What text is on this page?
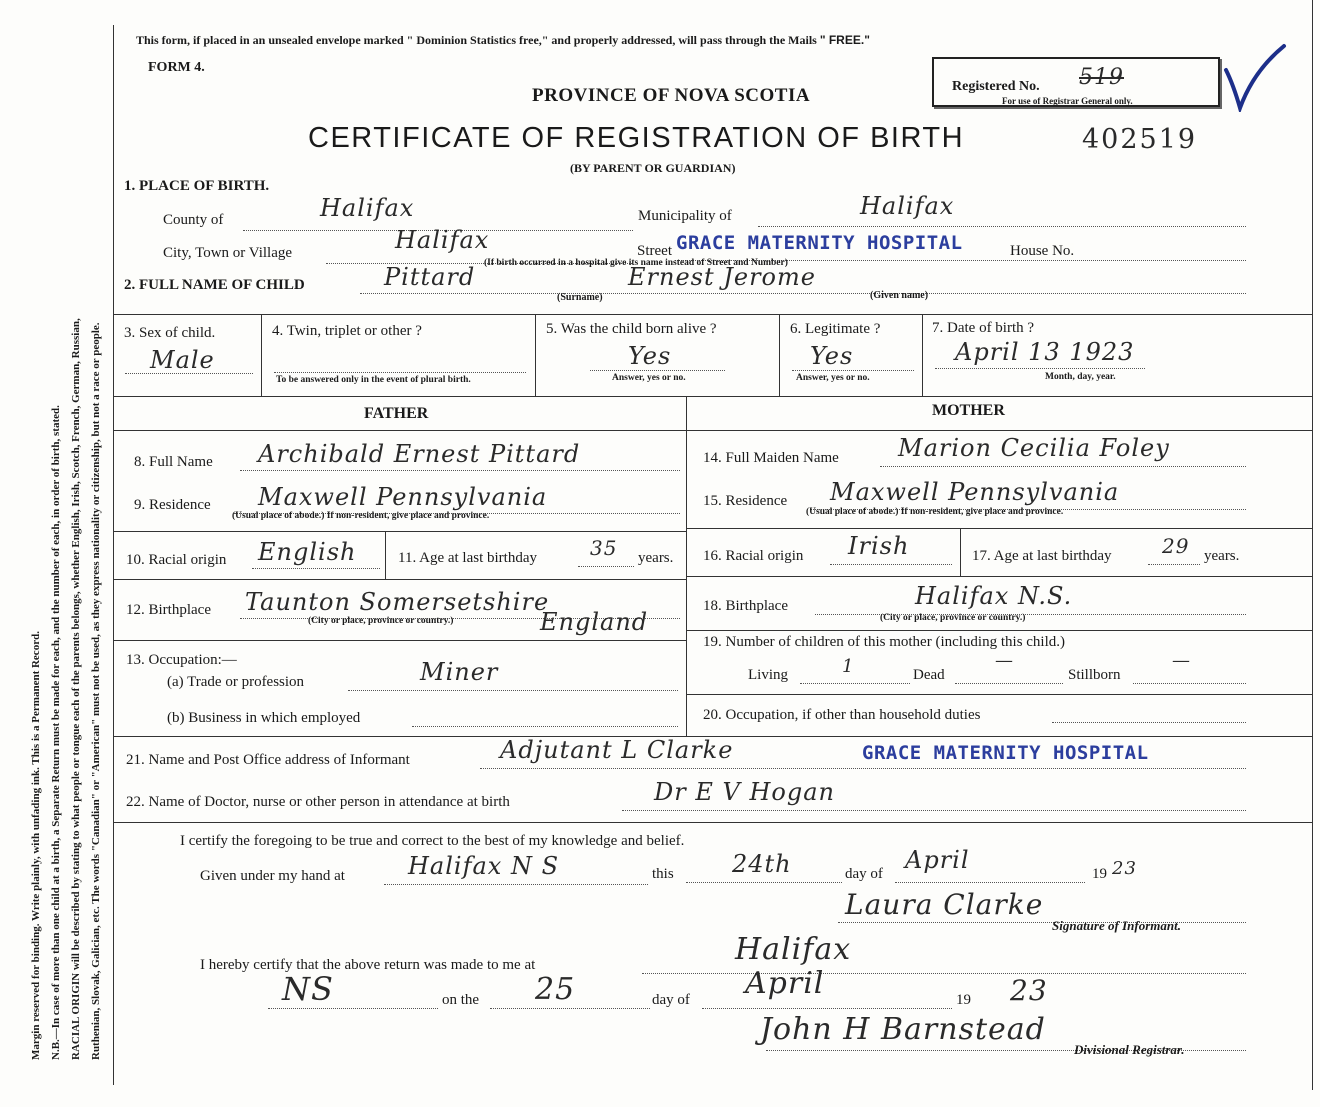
Margin reserved for binding. Write plainly, with unfading ink. This is a Permanent Record. N.B.—In case of more than one child at a birth, a Separate Return must be made for each, and the number of each, in order of birth, stated. RACIAL ORIGIN will be described by stating to what people or tongue each of the parents belongs, whether English, Irish, Scotch, French, German, Russian, Ruthenian, Slovak, Galician, etc. The words "Canadian" or "American" must not be used, as they express nationality or citizenship, but not a race or people.
This form, if placed in an unsealed envelope marked " Dominion Statistics free," and properly addressed, will pass through the Mails " FREE."
FORM 4.
Registered No. 519
For use of Registrar General only.
PROVINCE OF NOVA SCOTIA
CERTIFICATE OF REGISTRATION OF BIRTH	402519
(BY PARENT OR GUARDIAN)
1. PLACE OF BIRTH.
County of	Halifax	Municipality of	Halifax
City, Town or Village	Halifax	Street GRACE MATERNITY HOSPITAL	House No.
(If birth occurred in a hospital give its name instead of Street and Number)
2. FULL NAME OF CHILD	Pittard	Ernest Jerome
(Surname)	(Given name)
3. Sex of child.
Male
4. Twin, triplet or other ?
To be answered only in the event of plural birth.
5. Was the child born alive ?
Yes
Answer, yes or no.
6. Legitimate ?
Yes
Answer, yes or no.
7. Date of birth ?
April 13 1923
Month, day, year.
FATHER	MOTHER
8. Full Name Archibald Ernest Pittard
9. Residence Maxwell Pennsylvania
(Usual place of abode.) If non-resident, give place and province.
10. Racial origin English	11. Age at last birthday	35 years.
12. Birthplace Taunton Somersetshire
(City or place, province or country.)	England
13. Occupation:—
(a) Trade or profession	Miner
(b) Business in which employed
14. Full Maiden Name Marion Cecilia Foley
15. Residence Maxwell Pennsylvania
(Usual place of abode.) If non-resident, give place and province.
16. Racial origin Irish	17. Age at last birthday	29 years.
18. Birthplace	Halifax N.S.
(City or place, province or country.)
19. Number of children of this mother (including this child.)
Living	1	Dead
—
Stillborn
—
20. Occupation, if other than household duties
21. Name and Post Office address of Informant	Adjutant L Clarke	GRACE MATERNITY HOSPITAL
22. Name of Doctor, nurse or other person in attendance at birth	Dr E V Hogan
I certify the foregoing to be true and correct to the best of my knowledge and belief.
Given under my hand at	Halifax N S	this 24th	day of April	19 23
Laura Clarke
Signature of Informant.
I hereby certify that the above return was made to me at	Halifax
NS	on the 25	day of April	19 23
John H Barnstead
Divisional Registrar.
